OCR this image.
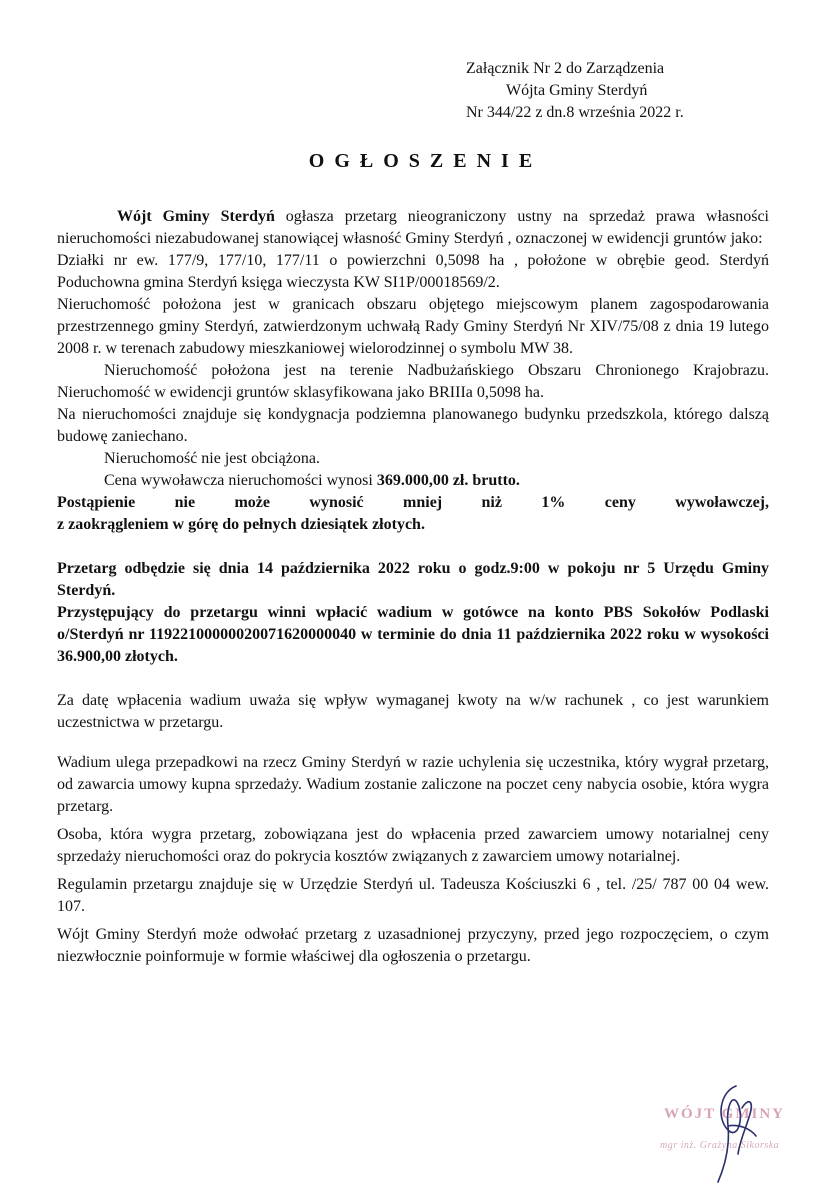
Załącznik Nr 2 do Zarządzenia
Wójta Gminy Sterdyń
Nr 344/22 z dn.8 września 2022 r.
OGŁOSZENIE

Wójt Gminy Sterdyń ogłasza przetarg nieograniczony ustny na sprzedaż prawa własności nieruchomości niezabudowanej stanowiącej własność Gminy Sterdyń , oznaczonej w ewidencji gruntów jako:

Działki nr ew. 177/9, 177/10, 177/11 o powierzchni 0,5098 ha , położone w obrębie geod. Sterdyń Poduchowna gmina Sterdyń księga wieczysta KW SI1P/00018569/2.

Nieruchomość położona jest w granicach obszaru objętego miejscowym planem zagospodarowania przestrzennego gminy Sterdyń, zatwierdzonym uchwałą Rady Gminy Sterdyń Nr XIV/75/08 z dnia 19 lutego 2008 r. w terenach zabudowy mieszkaniowej wielorodzinnej o symbolu MW 38.

Nieruchomość położona jest na terenie Nadbużańskiego Obszaru Chronionego Krajobrazu. Nieruchomość w ewidencji gruntów sklasyfikowana jako BRIIIa 0,5098 ha.

Na nieruchomości znajduje się kondygnacja podziemna planowanego budynku przedszkola, którego dalszą budowę zaniechano.

Nieruchomość nie jest obciążona.

Cena wywoławcza nieruchomości wynosi 369.000,00 zł. brutto.

Postąpienie nie może wynosić mniej niż 1% ceny wywoławczej,

z zaokrągleniem w górę do pełnych dziesiątek złotych.

Przetarg odbędzie się dnia 14 października 2022 roku o godz.9:00 w pokoju nr 5 Urzędu Gminy Sterdyń.

Przystępujący do przetargu winni wpłacić wadium w gotówce na konto PBS Sokołów Podlaski o/Sterdyń nr 11922100000020071620000040 w terminie do dnia 11 października 2022 roku w wysokości 36.900,00 złotych.

Za datę wpłacenia wadium uważa się wpływ wymaganej kwoty na w/w rachunek , co jest warunkiem uczestnictwa w przetargu.

Wadium ulega przepadkowi na rzecz Gminy Sterdyń w razie uchylenia się uczestnika, który wygrał przetarg, od zawarcia umowy kupna sprzedaży. Wadium zostanie zaliczone na poczet ceny nabycia osobie, która wygra przetarg.

Osoba, która wygra przetarg, zobowiązana jest do wpłacenia przed zawarciem umowy notarialnej ceny sprzedaży nieruchomości oraz do pokrycia kosztów związanych z zawarciem umowy notarialnej.

Regulamin przetargu znajduje się w Urzędzie Sterdyń ul. Tadeusza Kościuszki 6 , tel. /25/ 787 00 04 wew. 107.

Wójt Gminy Sterdyń może odwołać przetarg z uzasadnionej przyczyny, przed jego rozpoczęciem, o czym niezwłocznie poinformuje w formie właściwej dla ogłoszenia o przetargu.

WÓJT GMINY
mgr inż. Grażyna Sikorska
